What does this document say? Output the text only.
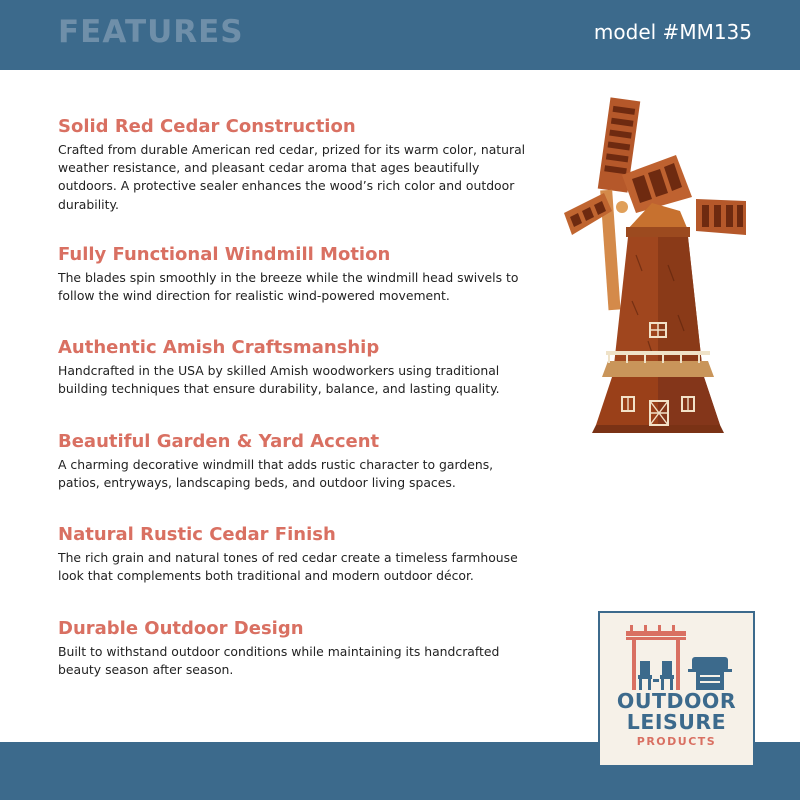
FEATURES	model #MM135
Solid Red Cedar Construction
Crafted from durable American red cedar, prized for its warm color, natural weather resistance, and pleasant cedar aroma that ages beautifully outdoors. A protective sealer enhances the wood’s rich color and outdoor durability.
Fully Functional Windmill Motion
The blades spin smoothly in the breeze while the windmill head swivels to follow the wind direction for realistic wind-powered movement.
Authentic Amish Craftsmanship
Handcrafted in the USA by skilled Amish woodworkers using traditional building techniques that ensure durability, balance, and lasting quality.
Beautiful Garden & Yard Accent
A charming decorative windmill that adds rustic character to gardens, patios, entryways, landscaping beds, and outdoor living spaces.
Natural Rustic Cedar Finish
The rich grain and natural tones of red cedar create a timeless farmhouse look that complements both traditional and modern outdoor décor.
Durable Outdoor Design
Built to withstand outdoor conditions while maintaining its handcrafted beauty season after season.
OUTDOOR
LEISURE
PRODUCTS
